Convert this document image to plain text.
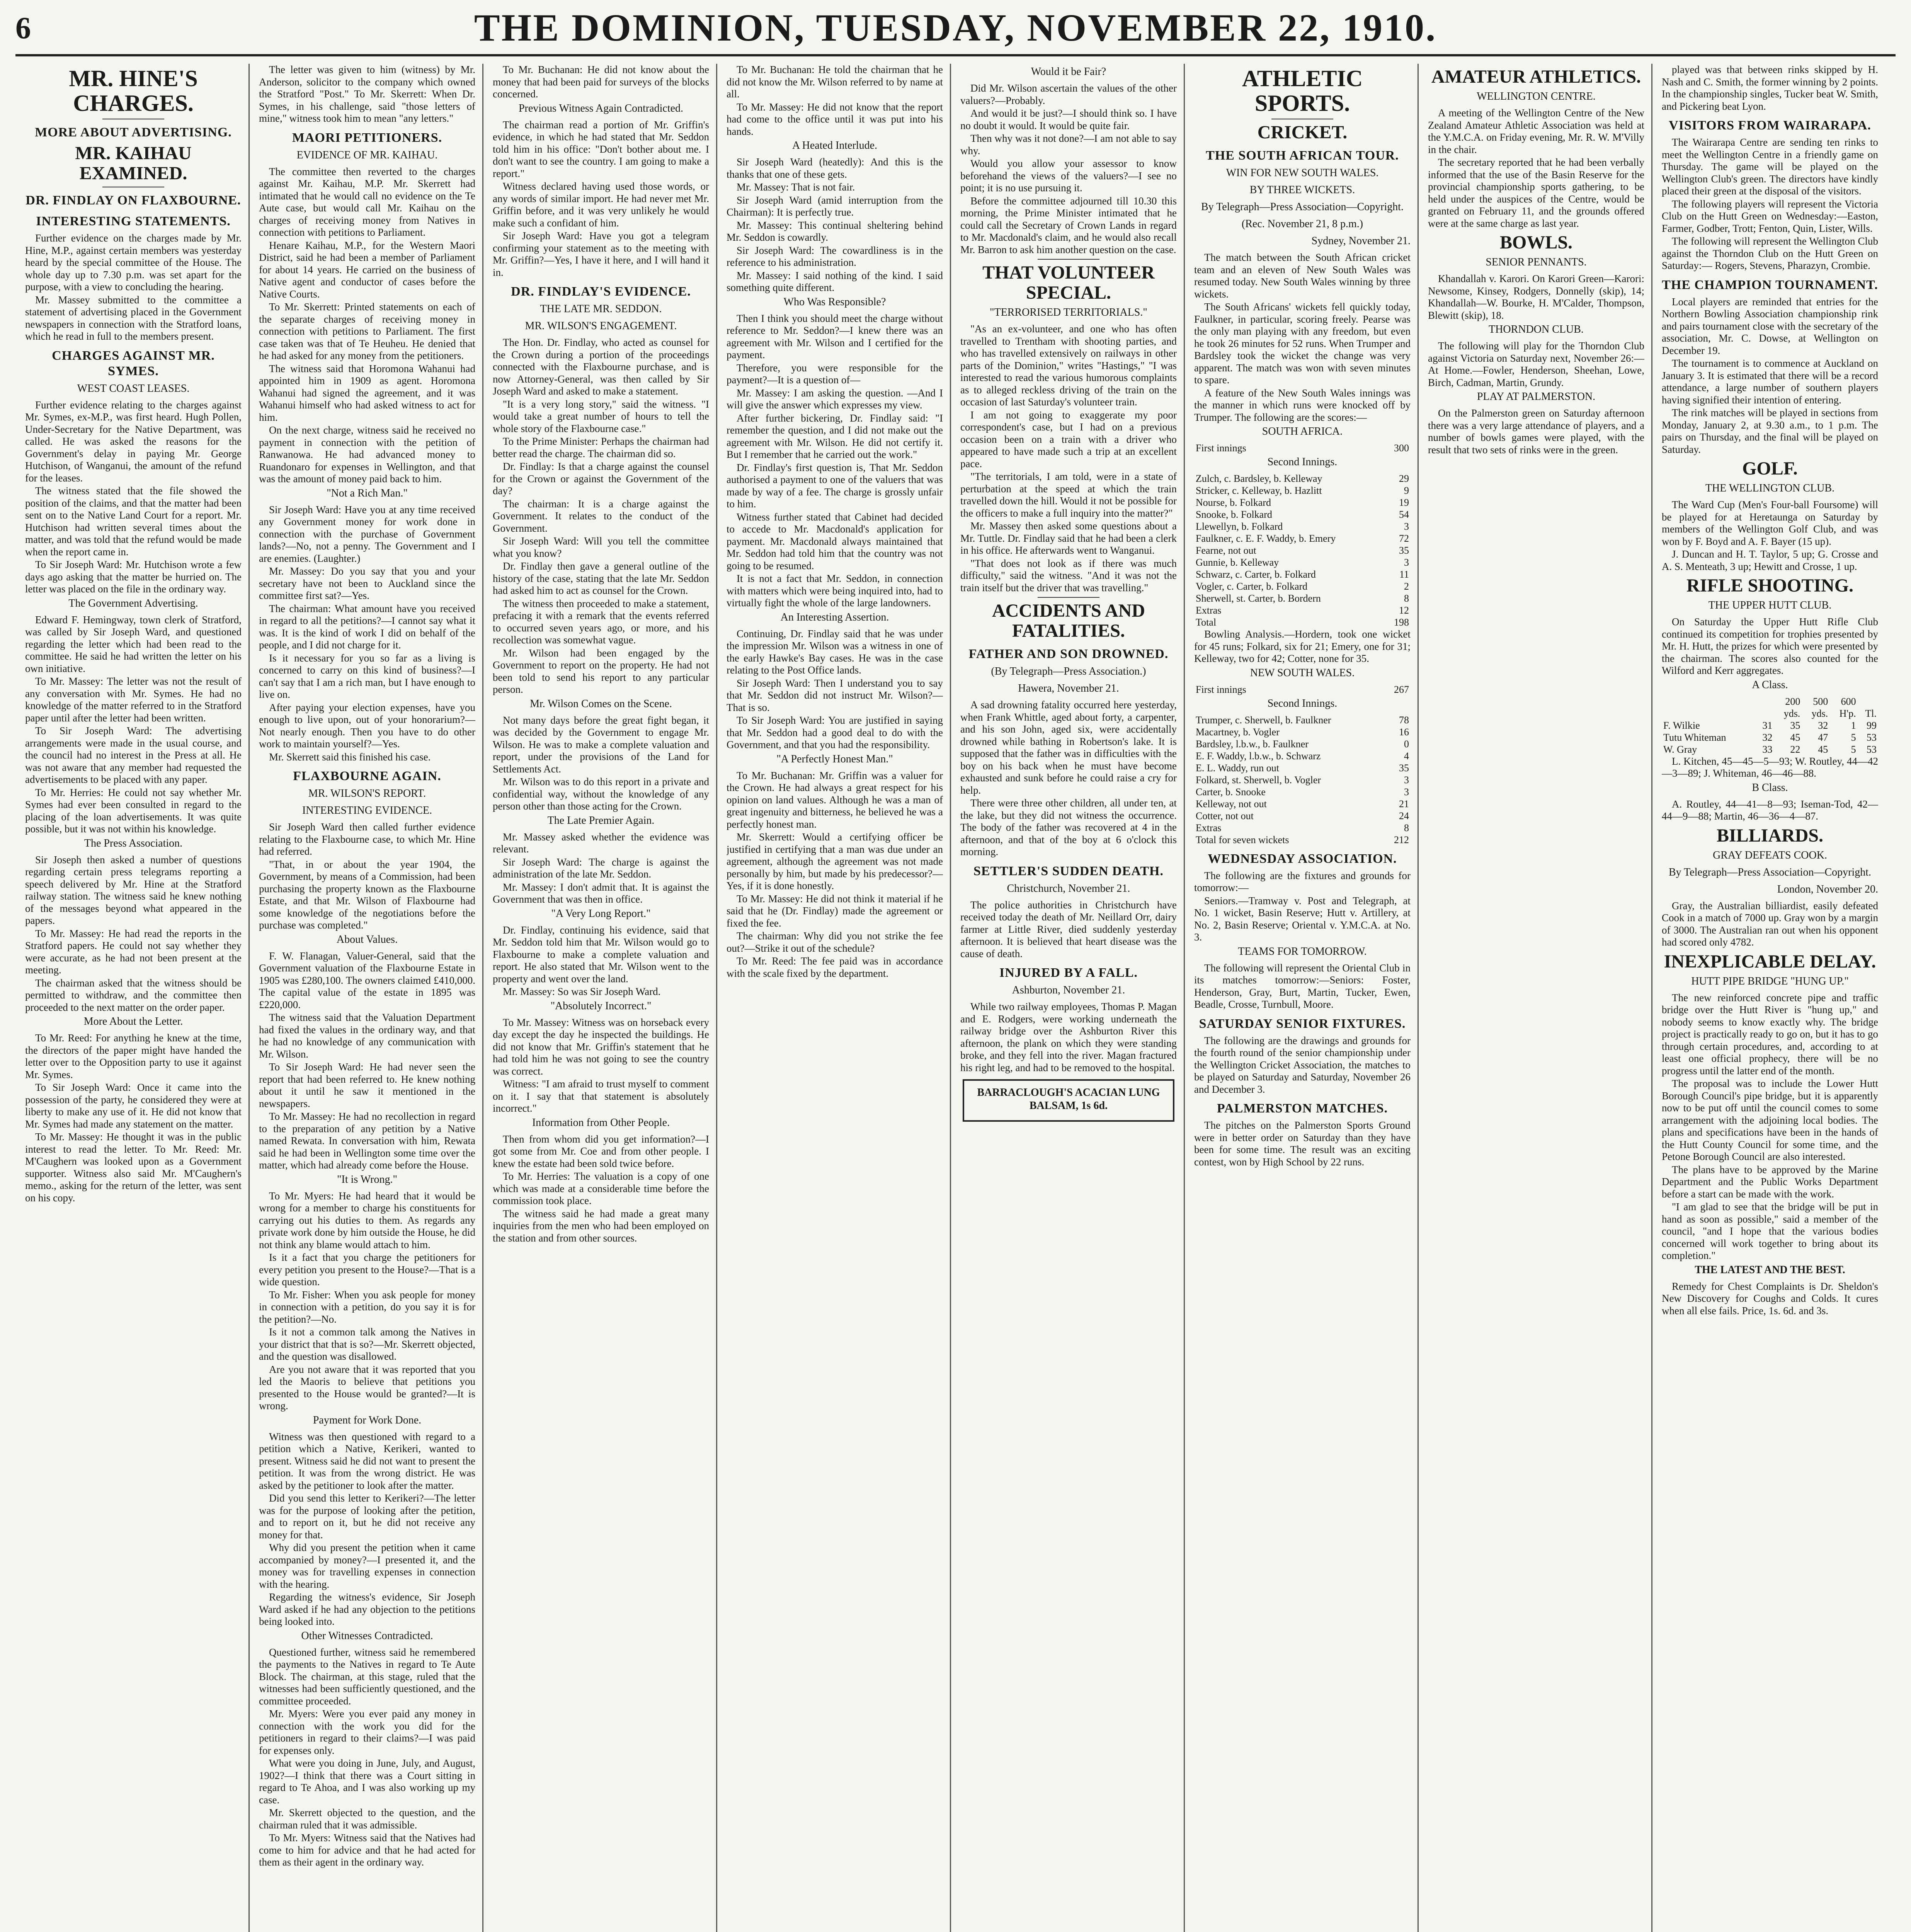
6	THE DOMINION, TUESDAY, NOVEMBER 22, 1910.
MR. HINE'S CHARGES.
MORE ABOUT ADVERTISING.
MR. KAIHAU EXAMINED.
DR. FINDLAY ON FLAXBOURNE.
INTERESTING STATEMENTS.

Further evidence on the charges made by Mr. Hine, M.P., against certain members was yesterday heard by the special committee of the House. The whole day up to 7.30 p.m. was set apart for the purpose, with a view to concluding the hearing.

Mr. Massey submitted to the committee a statement of advertising placed in the Government newspapers in connection with the Stratford loans, which he read in full to the members present.

CHARGES AGAINST MR. SYMES.
WEST COAST LEASES.

Further evidence relating to the charges against Mr. Symes, ex-M.P., was first heard. Hugh Pollen, Under-Secretary for the Native Department, was called. He was asked the reasons for the Government's delay in paying Mr. George Hutchison, of Wanganui, the amount of the refund for the leases.

The witness stated that the file showed the position of the claims, and that the matter had been sent on to the Native Land Court for a report. Mr. Hutchison had written several times about the matter, and was told that the refund would be made when the report came in.

To Sir Joseph Ward: Mr. Hutchison wrote a few days ago asking that the matter be hurried on. The letter was placed on the file in the ordinary way.

The Government Advertising.

Edward F. Hemingway, town clerk of Stratford, was called by Sir Joseph Ward, and questioned regarding the letter which had been read to the committee. He said he had written the letter on his own initiative.

To Mr. Massey: The letter was not the result of any conversation with Mr. Symes. He had no knowledge of the matter referred to in the Stratford paper until after the letter had been written.

To Sir Joseph Ward: The advertising arrangements were made in the usual course, and the council had no interest in the Press at all. He was not aware that any member had requested the advertisements to be placed with any paper.

To Mr. Herries: He could not say whether Mr. Symes had ever been consulted in regard to the placing of the loan advertisements. It was quite possible, but it was not within his knowledge.

The Press Association.

Sir Joseph then asked a number of questions regarding certain press telegrams reporting a speech delivered by Mr. Hine at the Stratford railway station. The witness said he knew nothing of the messages beyond what appeared in the papers.

To Mr. Massey: He had read the reports in the Stratford papers. He could not say whether they were accurate, as he had not been present at the meeting.

The chairman asked that the witness should be permitted to withdraw, and the committee then proceeded to the next matter on the order paper.

More About the Letter.

To Mr. Reed: For anything he knew at the time, the directors of the paper might have handed the letter over to the Opposition party to use it against Mr. Symes.

To Sir Joseph Ward: Once it came into the possession of the party, he considered they were at liberty to make any use of it. He did not know that Mr. Symes had made any statement on the matter.

To Mr. Massey: He thought it was in the public interest to read the letter. To Mr. Reed: Mr. M'Caughern was looked upon as a Government supporter. Witness also said Mr. M'Caughern's memo., asking for the return of the letter, was sent on his copy.

The letter was given to him (witness) by Mr. Anderson, solicitor to the company which owned the Stratford "Post." To Mr. Skerrett: When Dr. Symes, in his challenge, said "those letters of mine," witness took him to mean "any letters."

MAORI PETITIONERS.
EVIDENCE OF MR. KAIHAU.

The committee then reverted to the charges against Mr. Kaihau, M.P. Mr. Skerrett had intimated that he would call no evidence on the Te Aute case, but would call Mr. Kaihau on the charges of receiving money from Natives in connection with petitions to Parliament.

Henare Kaihau, M.P., for the Western Maori District, said he had been a member of Parliament for about 14 years. He carried on the business of Native agent and conductor of cases before the Native Courts.

To Mr. Skerrett: Printed statements on each of the separate charges of receiving money in connection with petitions to Parliament. The first case taken was that of Te Heuheu. He denied that he had asked for any money from the petitioners.

The witness said that Horomona Wahanui had appointed him in 1909 as agent. Horomona Wahanui had signed the agreement, and it was Wahanui himself who had asked witness to act for him.

On the next charge, witness said he received no payment in connection with the petition of Ranwanowa. He had advanced money to Ruandonaro for expenses in Wellington, and that was the amount of money paid back to him.

"Not a Rich Man."

Sir Joseph Ward: Have you at any time received any Government money for work done in connection with the purchase of Government lands?—No, not a penny. The Government and I are enemies. (Laughter.)

Mr. Massey: Do you say that you and your secretary have not been to Auckland since the committee first sat?—Yes.

The chairman: What amount have you received in regard to all the petitions?—I cannot say what it was. It is the kind of work I did on behalf of the people, and I did not charge for it.

Is it necessary for you so far as a living is concerned to carry on this kind of business?—I can't say that I am a rich man, but I have enough to live on.

After paying your election expenses, have you enough to live upon, out of your honorarium?—Not nearly enough. Then you have to do other work to maintain yourself?—Yes.

Mr. Skerrett said this finished his case.

FLAXBOURNE AGAIN.
MR. WILSON'S REPORT.
INTERESTING EVIDENCE.

Sir Joseph Ward then called further evidence relating to the Flaxbourne case, to which Mr. Hine had referred.

"That, in or about the year 1904, the Government, by means of a Commission, had been purchasing the property known as the Flaxbourne Estate, and that Mr. Wilson of Flaxbourne had some knowledge of the negotiations before the purchase was completed."

About Values.

F. W. Flanagan, Valuer-General, said that the Government valuation of the Flaxbourne Estate in 1905 was £280,100. The owners claimed £410,000. The capital value of the estate in 1895 was £220,000.

The witness said that the Valuation Department had fixed the values in the ordinary way, and that he had no knowledge of any communication with Mr. Wilson.

To Sir Joseph Ward: He had never seen the report that had been referred to. He knew nothing about it until he saw it mentioned in the newspapers.

To Mr. Massey: He had no recollection in regard to the preparation of any petition by a Native named Rewata. In conversation with him, Rewata said he had been in Wellington some time over the matter, which had already come before the House.

"It is Wrong."

To Mr. Myers: He had heard that it would be wrong for a member to charge his constituents for carrying out his duties to them. As regards any private work done by him outside the House, he did not think any blame would attach to him.

Is it a fact that you charge the petitioners for every petition you present to the House?—That is a wide question.

To Mr. Fisher: When you ask people for money in connection with a petition, do you say it is for the petition?—No.

Is it not a common talk among the Natives in your district that that is so?—Mr. Skerrett objected, and the question was disallowed.

Are you not aware that it was reported that you led the Maoris to believe that petitions you presented to the House would be granted?—It is wrong.

Payment for Work Done.

Witness was then questioned with regard to a petition which a Native, Kerikeri, wanted to present. Witness said he did not want to present the petition. It was from the wrong district. He was asked by the petitioner to look after the matter.

Did you send this letter to Kerikeri?—The letter was for the purpose of looking after the petition, and to report on it, but he did not receive any money for that.

Why did you present the petition when it came accompanied by money?—I presented it, and the money was for travelling expenses in connection with the hearing.

Regarding the witness's evidence, Sir Joseph Ward asked if he had any objection to the petitions being looked into.

Other Witnesses Contradicted.

Questioned further, witness said he remembered the payments to the Natives in regard to Te Aute Block. The chairman, at this stage, ruled that the witnesses had been sufficiently questioned, and the committee proceeded.

Mr. Myers: Were you ever paid any money in connection with the work you did for the petitioners in regard to their claims?—I was paid for expenses only.

What were you doing in June, July, and August, 1902?—I think that there was a Court sitting in regard to Te Ahoa, and I was also working up my case.

Mr. Skerrett objected to the question, and the chairman ruled that it was admissible.

To Mr. Myers: Witness said that the Natives had come to him for advice and that he had acted for them as their agent in the ordinary way.

To Mr. Buchanan: He did not know about the money that had been paid for surveys of the blocks concerned.

Previous Witness Again Contradicted.

The chairman read a portion of Mr. Griffin's evidence, in which he had stated that Mr. Seddon told him in his office: "Don't bother about me. I don't want to see the country. I am going to make a report."

Witness declared having used those words, or any words of similar import. He had never met Mr. Griffin before, and it was very unlikely he would make such a confidant of him.

Sir Joseph Ward: Have you got a telegram confirming your statement as to the meeting with Mr. Griffin?—Yes, I have it here, and I will hand it in.

DR. FINDLAY'S EVIDENCE.
THE LATE MR. SEDDON.
MR. WILSON'S ENGAGEMENT.

The Hon. Dr. Findlay, who acted as counsel for the Crown during a portion of the proceedings connected with the Flaxbourne purchase, and is now Attorney-General, was then called by Sir Joseph Ward and asked to make a statement.

"It is a very long story," said the witness. "I would take a great number of hours to tell the whole story of the Flaxbourne case."

To the Prime Minister: Perhaps the chairman had better read the charge. The chairman did so.

Dr. Findlay: Is that a charge against the counsel for the Crown or against the Government of the day?

The chairman: It is a charge against the Government. It relates to the conduct of the Government.

Sir Joseph Ward: Will you tell the committee what you know?

Dr. Findlay then gave a general outline of the history of the case, stating that the late Mr. Seddon had asked him to act as counsel for the Crown.

The witness then proceeded to make a statement, prefacing it with a remark that the events referred to occurred seven years ago, or more, and his recollection was somewhat vague.

Mr. Wilson had been engaged by the Government to report on the property. He had not been told to send his report to any particular person.

Mr. Wilson Comes on the Scene.

Not many days before the great fight began, it was decided by the Government to engage Mr. Wilson. He was to make a complete valuation and report, under the provisions of the Land for Settlements Act.

Mr. Wilson was to do this report in a private and confidential way, without the knowledge of any person other than those acting for the Crown.

The Late Premier Again.

Mr. Massey asked whether the evidence was relevant.

Sir Joseph Ward: The charge is against the administration of the late Mr. Seddon.

Mr. Massey: I don't admit that. It is against the Government that was then in office.

"A Very Long Report."

Dr. Findlay, continuing his evidence, said that Mr. Seddon told him that Mr. Wilson would go to Flaxbourne to make a complete valuation and report. He also stated that Mr. Wilson went to the property and went over the land.

Mr. Massey: So was Sir Joseph Ward.

"Absolutely Incorrect."

To Mr. Massey: Witness was on horseback every day except the day he inspected the buildings. He did not know that Mr. Griffin's statement that he had told him he was not going to see the country was correct.

Witness: "I am afraid to trust myself to comment on it. I say that that statement is absolutely incorrect."

Information from Other People.

Then from whom did you get information?—I got some from Mr. Coe and from other people. I knew the estate had been sold twice before.

To Mr. Herries: The valuation is a copy of one which was made at a considerable time before the commission took place.

The witness said he had made a great many inquiries from the men who had been employed on the station and from other sources.

To Mr. Buchanan: He told the chairman that he did not know the Mr. Wilson referred to by name at all.

To Mr. Massey: He did not know that the report had come to the office until it was put into his hands.

A Heated Interlude.

Sir Joseph Ward (heatedly): And this is the thanks that one of these gets.

Mr. Massey: That is not fair.

Sir Joseph Ward (amid interruption from the Chairman): It is perfectly true.

Mr. Massey: This continual sheltering behind Mr. Seddon is cowardly.

Sir Joseph Ward: The cowardliness is in the reference to his administration.

Mr. Massey: I said nothing of the kind. I said something quite different.

Who Was Responsible?

Then I think you should meet the charge without reference to Mr. Seddon?—I knew there was an agreement with Mr. Wilson and I certified for the payment.

Therefore, you were responsible for the payment?—It is a question of—

Mr. Massey: I am asking the question. —And I will give the answer which expresses my view.

After further bickering, Dr. Findlay said: "I remember the question, and I did not make out the agreement with Mr. Wilson. He did not certify it. But I remember that he carried out the work."

Dr. Findlay's first question is, That Mr. Seddon authorised a payment to one of the valuers that was made by way of a fee. The charge is grossly unfair to him.

Witness further stated that Cabinet had decided to accede to Mr. Macdonald's application for payment. Mr. Macdonald always maintained that Mr. Seddon had told him that the country was not going to be resumed.

It is not a fact that Mr. Seddon, in connection with matters which were being inquired into, had to virtually fight the whole of the large landowners.

An Interesting Assertion.

Continuing, Dr. Findlay said that he was under the impression Mr. Wilson was a witness in one of the early Hawke's Bay cases. He was in the case relating to the Post Office lands.

Sir Joseph Ward: Then I understand you to say that Mr. Seddon did not instruct Mr. Wilson?—That is so.

To Sir Joseph Ward: You are justified in saying that Mr. Seddon had a good deal to do with the Government, and that you had the responsibility.

"A Perfectly Honest Man."

To Mr. Buchanan: Mr. Griffin was a valuer for the Crown. He had always a great respect for his opinion on land values. Although he was a man of great ingenuity and bitterness, he believed he was a perfectly honest man.

Mr. Skerrett: Would a certifying officer be justified in certifying that a man was due under an agreement, although the agreement was not made personally by him, but made by his predecessor?—Yes, if it is done honestly.

To Mr. Massey: He did not think it material if he said that he (Dr. Findlay) made the agreement or fixed the fee.

The chairman: Why did you not strike the fee out?—Strike it out of the schedule?

To Mr. Reed: The fee paid was in accordance with the scale fixed by the department.

Would it be Fair?

Did Mr. Wilson ascertain the values of the other valuers?—Probably.

And would it be just?—I should think so. I have no doubt it would. It would be quite fair.

Then why was it not done?—I am not able to say why.

Would you allow your assessor to know beforehand the views of the valuers?—I see no point; it is no use pursuing it.

Before the committee adjourned till 10.30 this morning, the Prime Minister intimated that he could call the Secretary of Crown Lands in regard to Mr. Macdonald's claim, and he would also recall Mr. Barron to ask him another question on the case.

THAT VOLUNTEER SPECIAL.
"TERRORISED TERRITORIALS."

"As an ex-volunteer, and one who has often travelled to Trentham with shooting parties, and who has travelled extensively on railways in other parts of the Dominion," writes "Hastings," "I was interested to read the various humorous complaints as to alleged reckless driving of the train on the occasion of last Saturday's volunteer train.

I am not going to exaggerate my poor correspondent's case, but I had on a previous occasion been on a train with a driver who appeared to have made such a trip at an excellent pace.

"The territorials, I am told, were in a state of perturbation at the speed at which the train travelled down the hill. Would it not be possible for the officers to make a full inquiry into the matter?"

Mr. Massey then asked some questions about a Mr. Tuttle. Dr. Findlay said that he had been a clerk in his office. He afterwards went to Wanganui.

"That does not look as if there was much difficulty," said the witness. "And it was not the train itself but the driver that was travelling."

ACCIDENTS AND FATALITIES.
FATHER AND SON DROWNED.
(By Telegraph—Press Association.)
Hawera, November 21.

A sad drowning fatality occurred here yesterday, when Frank Whittle, aged about forty, a carpenter, and his son John, aged six, were accidentally drowned while bathing in Robertson's lake. It is supposed that the father was in difficulties with the boy on his back when he must have become exhausted and sunk before he could raise a cry for help.

There were three other children, all under ten, at the lake, but they did not witness the occurrence. The body of the father was recovered at 4 in the afternoon, and that of the boy at 6 o'clock this morning.

SETTLER'S SUDDEN DEATH.
Christchurch, November 21.

The police authorities in Christchurch have received today the death of Mr. Neillard Orr, dairy farmer at Little River, died suddenly yesterday afternoon. It is believed that heart disease was the cause of death.

INJURED BY A FALL.
Ashburton, November 21.

While two railway employees, Thomas P. Magan and E. Rodgers, were working underneath the railway bridge over the Ashburton River this afternoon, the plank on which they were standing broke, and they fell into the river. Magan fractured his right leg, and had to be removed to the hospital.

BARRACLOUGH'S ACACIAN LUNG BALSAM, 1s 6d.
ATHLETIC SPORTS.
CRICKET.
THE SOUTH AFRICAN TOUR.
WIN FOR NEW SOUTH WALES.
BY THREE WICKETS.
By Telegraph—Press Association—Copyright.
(Rec. November 21, 8 p.m.)
Sydney, November 21.

The match between the South African cricket team and an eleven of New South Wales was resumed today. New South Wales winning by three wickets.

The South Africans' wickets fell quickly today, Faulkner, in particular, scoring freely. Pearse was the only man playing with any freedom, but even he took 26 minutes for 52 runs. When Trumper and Bardsley took the wicket the change was very apparent. The match was won with seven minutes to spare.

A feature of the New South Wales innings was the manner in which runs were knocked off by Trumper. The following are the scores:—

SOUTH AFRICA.
First innings	300
Second Innings.
Zulch, c. Bardsley, b. Kelleway	29
Stricker, c. Kelleway, b. Hazlitt	9
Nourse, b. Folkard	19
Snooke, b. Folkard	54
Llewellyn, b. Folkard	3
Faulkner, c. E. F. Waddy, b. Emery	72
Fearne, not out	35
Gunnie, b. Kelleway	3
Schwarz, c. Carter, b. Folkard	11
Vogler, c. Carter, b. Folkard	2
Sherwell, st. Carter, b. Bordern	8
Extras	12
Total	198

Bowling Analysis.—Hordern, took one wicket for 45 runs; Folkard, six for 21; Emery, one for 31; Kelleway, two for 42; Cotter, none for 35.

NEW SOUTH WALES.
First innings	267
Second Innings.
Trumper, c. Sherwell, b. Faulkner	78
Macartney, b. Vogler	16
Bardsley, l.b.w., b. Faulkner	0
E. F. Waddy, l.b.w., b. Schwarz	4
E. L. Waddy, run out	35
Folkard, st. Sherwell, b. Vogler	3
Carter, b. Snooke	3
Kelleway, not out	21
Cotter, not out	24
Extras	8
Total for seven wickets	212
WEDNESDAY ASSOCIATION.

The following are the fixtures and grounds for tomorrow:—

Seniors.—Tramway v. Post and Telegraph, at No. 1 wicket, Basin Reserve; Hutt v. Artillery, at No. 2, Basin Reserve; Oriental v. Y.M.C.A. at No. 3.

TEAMS FOR TOMORROW.

The following will represent the Oriental Club in its matches tomorrow:—Seniors: Foster, Henderson, Gray, Burt, Martin, Tucker, Ewen, Beadle, Crosse, Turnbull, Moore.

SATURDAY SENIOR FIXTURES.

The following are the drawings and grounds for the fourth round of the senior championship under the Wellington Cricket Association, the matches to be played on Saturday and Saturday, November 26 and December 3.

PALMERSTON MATCHES.

The pitches on the Palmerston Sports Ground were in better order on Saturday than they have been for some time. The result was an exciting contest, won by High School by 22 runs.

AMATEUR ATHLETICS.
WELLINGTON CENTRE.

A meeting of the Wellington Centre of the New Zealand Amateur Athletic Association was held at the Y.M.C.A. on Friday evening, Mr. R. W. M'Villy in the chair.

The secretary reported that he had been verbally informed that the use of the Basin Reserve for the provincial championship sports gathering, to be held under the auspices of the Centre, would be granted on February 11, and the grounds offered were at the same charge as last year.

BOWLS.
SENIOR PENNANTS.

Khandallah v. Karori. On Karori Green—Karori: Newsome, Kinsey, Rodgers, Donnelly (skip), 14; Khandallah—W. Bourke, H. M'Calder, Thompson, Blewitt (skip), 18.

THORNDON CLUB.

The following will play for the Thorndon Club against Victoria on Saturday next, November 26:—At Home.—Fowler, Henderson, Sheehan, Lowe, Birch, Cadman, Martin, Grundy.

PLAY AT PALMERSTON.

On the Palmerston green on Saturday afternoon there was a very large attendance of players, and a number of bowls games were played, with the result that two sets of rinks were in the green.

played was that between rinks skipped by H. Nash and C. Smith, the former winning by 2 points. In the championship singles, Tucker beat W. Smith, and Pickering beat Lyon.

VISITORS FROM WAIRARAPA.

The Wairarapa Centre are sending ten rinks to meet the Wellington Centre in a friendly game on Thursday. The game will be played on the Wellington Club's green. The directors have kindly placed their green at the disposal of the visitors.

The following players will represent the Victoria Club on the Hutt Green on Wednesday:—Easton, Farmer, Godber, Trott; Fenton, Quin, Lister, Wills.

The following will represent the Wellington Club against the Thorndon Club on the Hutt Green on Saturday:— Rogers, Stevens, Pharazyn, Crombie.

THE CHAMPION TOURNAMENT.

Local players are reminded that entries for the Northern Bowling Association championship rink and pairs tournament close with the secretary of the association, Mr. C. Dowse, at Wellington on December 19.

The tournament is to commence at Auckland on January 3. It is estimated that there will be a record attendance, a large number of southern players having signified their intention of entering.

The rink matches will be played in sections from Monday, January 2, at 9.30 a.m., to 1 p.m. The pairs on Thursday, and the final will be played on Saturday.

GOLF.
THE WELLINGTON CLUB.

The Ward Cup (Men's Four-ball Foursome) will be played for at Heretaunga on Saturday by members of the Wellington Golf Club, and was won by F. Boyd and A. F. Bayer (15 up).

J. Duncan and H. T. Taylor, 5 up; G. Crosse and A. S. Menteath, 3 up; Hewitt and Crosse, 1 up.

RIFLE SHOOTING.
THE UPPER HUTT CLUB.

On Saturday the Upper Hutt Rifle Club continued its competition for trophies presented by Mr. H. Hutt, the prizes for which were presented by the chairman. The scores also counted for the Wilford and Kerr aggregates.

A Class.
		200	500	600	
		yds.	yds.	H'p.	Tl.
F. Wilkie	31	35	32	1	99
Tutu Whiteman	32	45	47	5	53
W. Gray	33	22	45	5	53

L. Kitchen, 45—45—5—93; W. Routley, 44—42—3—89; J. Whiteman, 46—46—88.

B Class.

A. Routley, 44—41—8—93; Iseman-Tod, 42—44—9—88; Martin, 46—36—4—87.

BILLIARDS.
GRAY DEFEATS COOK.
By Telegraph—Press Association—Copyright.
London, November 20.

Gray, the Australian billiardist, easily defeated Cook in a match of 7000 up. Gray won by a margin of 3000. The Australian ran out when his opponent had scored only 4782.

INEXPLICABLE DELAY.
HUTT PIPE BRIDGE "HUNG UP."

The new reinforced concrete pipe and traffic bridge over the Hutt River is "hung up," and nobody seems to know exactly why. The bridge project is practically ready to go on, but it has to go through certain procedures, and, according to at least one official prophecy, there will be no progress until the latter end of the month.

The proposal was to include the Lower Hutt Borough Council's pipe bridge, but it is apparently now to be put off until the council comes to some arrangement with the adjoining local bodies. The plans and specifications have been in the hands of the Hutt County Council for some time, and the Petone Borough Council are also interested.

The plans have to be approved by the Marine Department and the Public Works Department before a start can be made with the work.

"I am glad to see that the bridge will be put in hand as soon as possible," said a member of the council, "and I hope that the various bodies concerned will work together to bring about its completion."

THE LATEST AND THE BEST.

Remedy for Chest Complaints is Dr. Sheldon's New Discovery for Coughs and Colds. It cures when all else fails. Price, 1s. 6d. and 3s.
